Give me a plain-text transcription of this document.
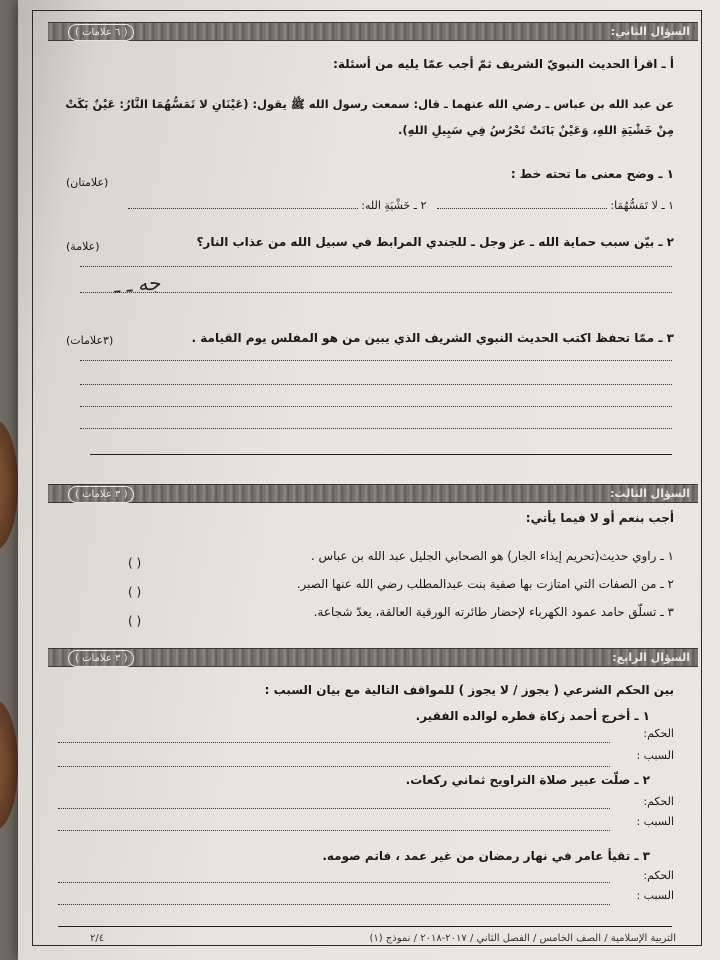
السؤال الثاني:
( ٦ علامات )
أ ـ اقرأ الحديث النبويّ الشريف ثمّ أجب عمّا يليه من أسئلة:
عن عبد الله بن عباس ـ رضي الله عنهما ـ قال: سمعت رسول الله ﷺ يقول: (عَيْنَانِ لا تَمَسُّهُمَا النَّارُ: عَيْنٌ بَكَتْ
مِنْ خَشْيَةِ اللهِ، وَعَيْنٌ بَاتَتْ تَحْرُسُ فِي سَبِيلِ اللهِ).
١ ـ وضح معنى ما تحته خط :
(علامتان)
١ ـ لا تَمَسُّهُمَا:    ٢ ـ خَشْيَةِ الله:
٢ ـ بيّن سبب حماية الله ـ عز وجل ـ للجندي المرابط في سبيل الله من عذاب النار؟
(علامة)
جه ـ ـ
٣ ـ ممّا تحفظ اكتب الحديث النبوي الشريف الذي يبين من هو المفلس يوم القيامة .
(٣علامات)
السؤال الثالث:
( ٣ علامات )
أجب بنعم أو لا فيما يأتي:
١ ـ راوي حديث(تحريم إيذاء الجار) هو الصحابي الجليل عبد الله بن عباس .
٢ ـ من الصفات التي امتازت بها صفية بنت عبدالمطلب رضي الله عنها الصبر.
٣ ـ تسلّق حامد عمود الكهرباء لإحضار طائرته الورقية العالقة، يعدّ شجاعة.
( )
( )
( )
السؤال الرابع:
( ٣ علامات )
بين الحكم الشرعي ( يجوز / لا يجوز ) للمواقف التالية مع بيان السبب :
١ ـ أخرج أحمد زكاة فطره لوالده الفقير.
الحكم:
السبب :
٢ ـ صلّت عبير صلاة التراويح ثماني ركعات.
الحكم:
السبب :
٣ ـ تقيأ عامر في نهار رمضان من غير عمد ، فاتم صومه.
الحكم:
السبب :
التربية الإسلامية / الصف الخامس / الفصل الثاني / ٢٠١٧-٢٠١٨ / نموذج (١)
٢/٤
